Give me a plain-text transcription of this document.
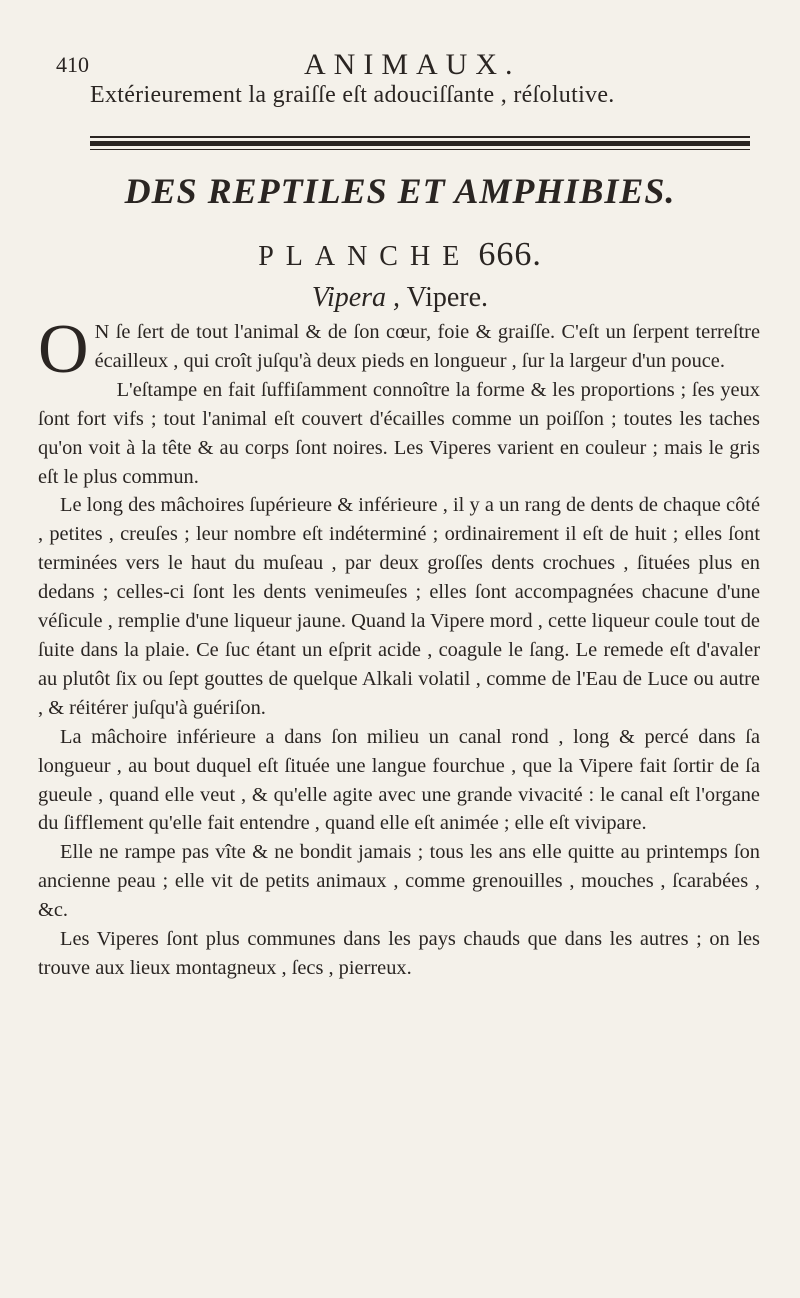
410	ANIMAUX.
Extérieurement la graiſſe eſt adouciſſante , réſolutive.
DES REPTILES ET AMPHIBIES.
PLANCHE 666.
Vipera , Vipere.

O N ſe ſert de tout l'animal & de ſon cœur, foie & graiſſe. C'eſt un ſerpent terreſtre écailleux , qui croît juſqu'à deux pieds en longueur , ſur la largeur d'un pouce.

L'eſtampe en fait ſuffiſamment connoître la forme & les proportions ; ſes yeux ſont fort vifs ; tout l'animal eſt couvert d'écailles comme un poiſſon ; toutes les taches qu'on voit à la tête & au corps ſont noires. Les Viperes varient en couleur ; mais le gris eſt le plus commun.

Le long des mâchoires ſupérieure & inférieure , il y a un rang de dents de chaque côté , petites , creuſes ; leur nombre eſt indéterminé ; ordinairement il eſt de huit ; elles ſont terminées vers le haut du muſeau , par deux groſſes dents crochues , ſituées plus en dedans ; celles-ci ſont les dents venimeuſes ; elles ſont accompagnées chacune d'une véſicule , remplie d'une liqueur jaune. Quand la Vipere mord , cette liqueur coule tout de ſuite dans la plaie. Ce ſuc étant un eſprit acide , coagule le ſang. Le remede eſt d'avaler au plutôt ſix ou ſept gouttes de quelque Alkali volatil , comme de l'Eau de Luce ou autre , & réitérer juſqu'à guériſon.

La mâchoire inférieure a dans ſon milieu un canal rond , long & percé dans ſa longueur , au bout duquel eſt ſituée une langue fourchue , que la Vipere fait ſortir de ſa gueule , quand elle veut , & qu'elle agite avec une grande vivacité : le canal eſt l'organe du ſifflement qu'elle fait entendre , quand elle eſt animée ; elle eſt vivipare.

Elle ne rampe pas vîte & ne bondit jamais ; tous les ans elle quitte au printemps ſon ancienne peau ; elle vit de petits animaux , comme grenouilles , mouches , ſcarabées , &c.

Les Viperes ſont plus communes dans les pays chauds que dans les autres ; on les trouve aux lieux montagneux , ſecs , pierreux.
